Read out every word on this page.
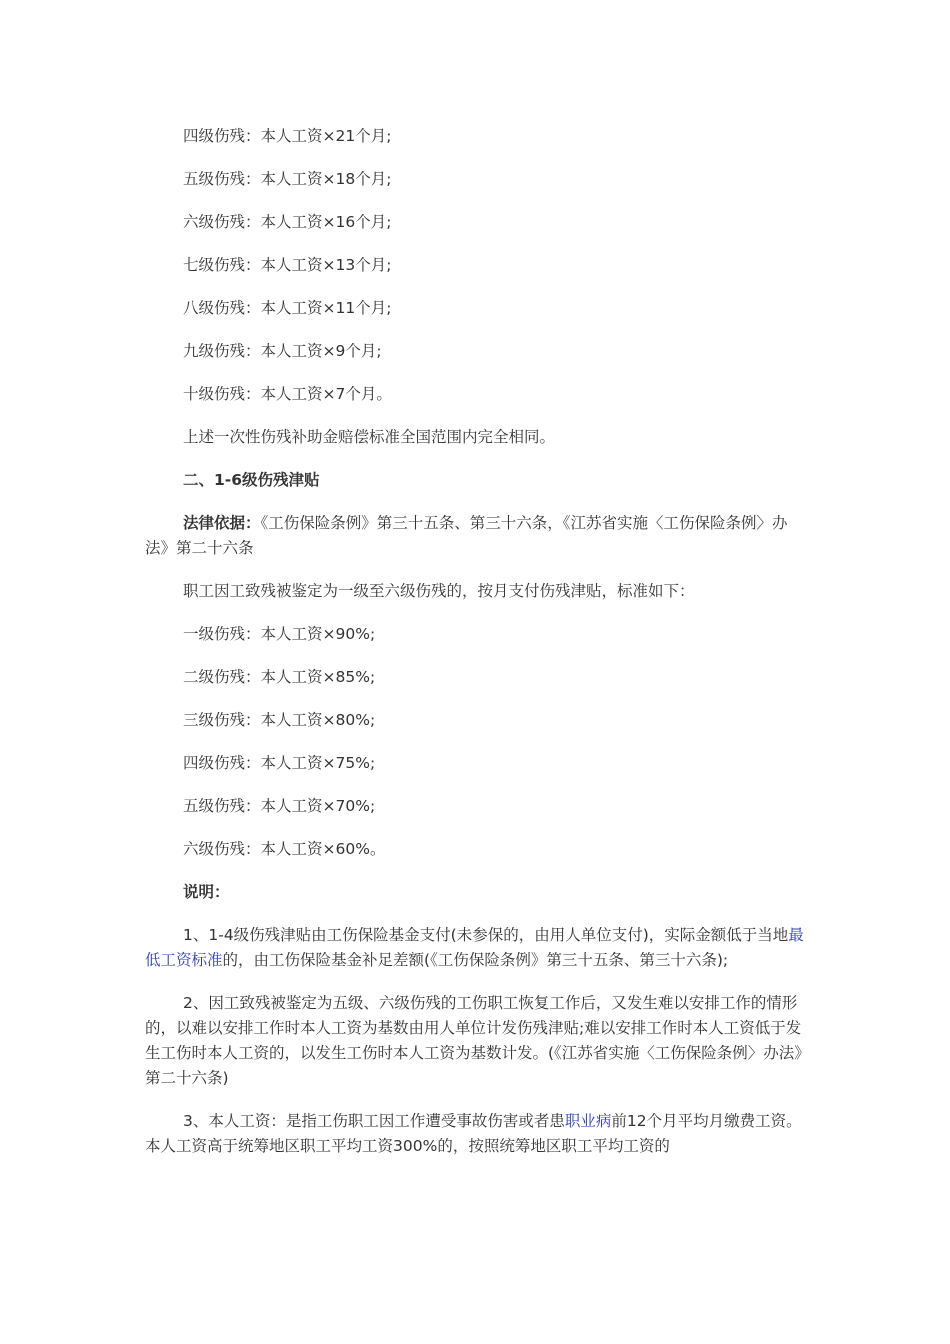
四级伤残：本人工资×21个月;

五级伤残：本人工资×18个月;

六级伤残：本人工资×16个月;

七级伤残：本人工资×13个月;

八级伤残：本人工资×11个月;

九级伤残：本人工资×9个月;

十级伤残：本人工资×7个月。

上述一次性伤残补助金赔偿标准全国范围内完全相同。

二、1-6级伤残津贴

法律依据：《工伤保险条例》第三十五条、第三十六条，《江苏省实施〈工伤保险条例〉办法》第二十六条

职工因工致残被鉴定为一级至六级伤残的，按月支付伤残津贴，标准如下：

一级伤残：本人工资×90%;

二级伤残：本人工资×85%;

三级伤残：本人工资×80%;

四级伤残：本人工资×75%;

五级伤残：本人工资×70%;

六级伤残：本人工资×60%。

说明：

1、1-4级伤残津贴由工伤保险基金支付(未参保的，由用人单位支付)，实际金额低于当地最低工资标准的，由工伤保险基金补足差额(《工伤保险条例》第三十五条、第三十六条);

2、因工致残被鉴定为五级、六级伤残的工伤职工恢复工作后，又发生难以安排工作的情形的，以难以安排工作时本人工资为基数由用人单位计发伤残津贴;难以安排工作时本人工资低于发生工伤时本人工资的，以发生工伤时本人工资为基数计发。(《江苏省实施〈工伤保险条例〉办法》第二十六条)

3、本人工资：是指工伤职工因工作遭受事故伤害或者患职业病前12个月平均月缴费工资。本人工资高于统筹地区职工平均工资300%的，按照统筹地区职工平均工资的
